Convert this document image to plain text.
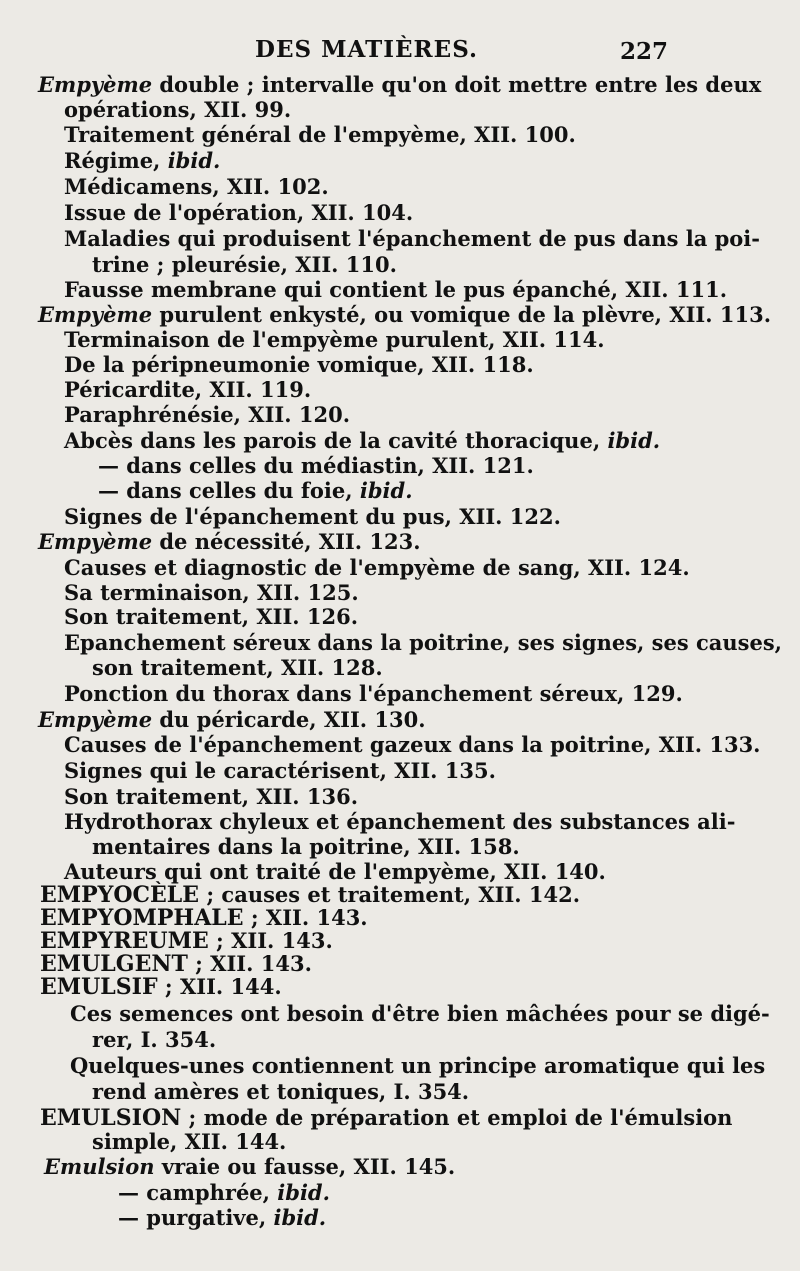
DES MATIÈRES.	227
Empyème double ; intervalle qu'on doit mettre entre les deux
opérations, XII. 99.
Traitement général de l'empyème, XII. 100.
Régime, ibid.
Médicamens, XII. 102.
Issue de l'opération, XII. 104.
Maladies qui produisent l'épanchement de pus dans la poi-
trine ; pleurésie, XII. 110.
Fausse membrane qui contient le pus épanché, XII. 111.
Empyème purulent enkysté, ou vomique de la plèvre, XII. 113.
Terminaison de l'empyème purulent, XII. 114.
De la péripneumonie vomique, XII. 118.
Péricardite, XII. 119.
Paraphrénésie, XII. 120.
Abcès dans les parois de la cavité thoracique, ibid.
— dans celles du médiastin, XII. 121.
— dans celles du foie, ibid.
Signes de l'épanchement du pus, XII. 122.
Empyème de nécessité, XII. 123.
Causes et diagnostic de l'empyème de sang, XII. 124.
Sa terminaison, XII. 125.
Son traitement, XII. 126.
Epanchement séreux dans la poitrine, ses signes, ses causes,
son traitement, XII. 128.
Ponction du thorax dans l'épanchement séreux, 129.
Empyème du péricarde, XII. 130.
Causes de l'épanchement gazeux dans la poitrine, XII. 133.
Signes qui le caractérisent, XII. 135.
Son traitement, XII. 136.
Hydrothorax chyleux et épanchement des substances ali-
mentaires dans la poitrine, XII. 158.
Auteurs qui ont traité de l'empyème, XII. 140.
EMPYOCÈLE ; causes et traitement, XII. 142.
EMPYOMPHALE ; XII. 143.
EMPYREUME ; XII. 143.
EMULGENT ; XII. 143.
EMULSIF ; XII. 144.
Ces semences ont besoin d'être bien mâchées pour se digé-
rer, I. 354.
Quelques-unes contiennent un principe aromatique qui les
rend amères et toniques, I. 354.
EMULSION ; mode de préparation et emploi de l'émulsion
simple, XII. 144.
Emulsion vraie ou fausse, XII. 145.
— camphrée, ibid.
— purgative, ibid.
